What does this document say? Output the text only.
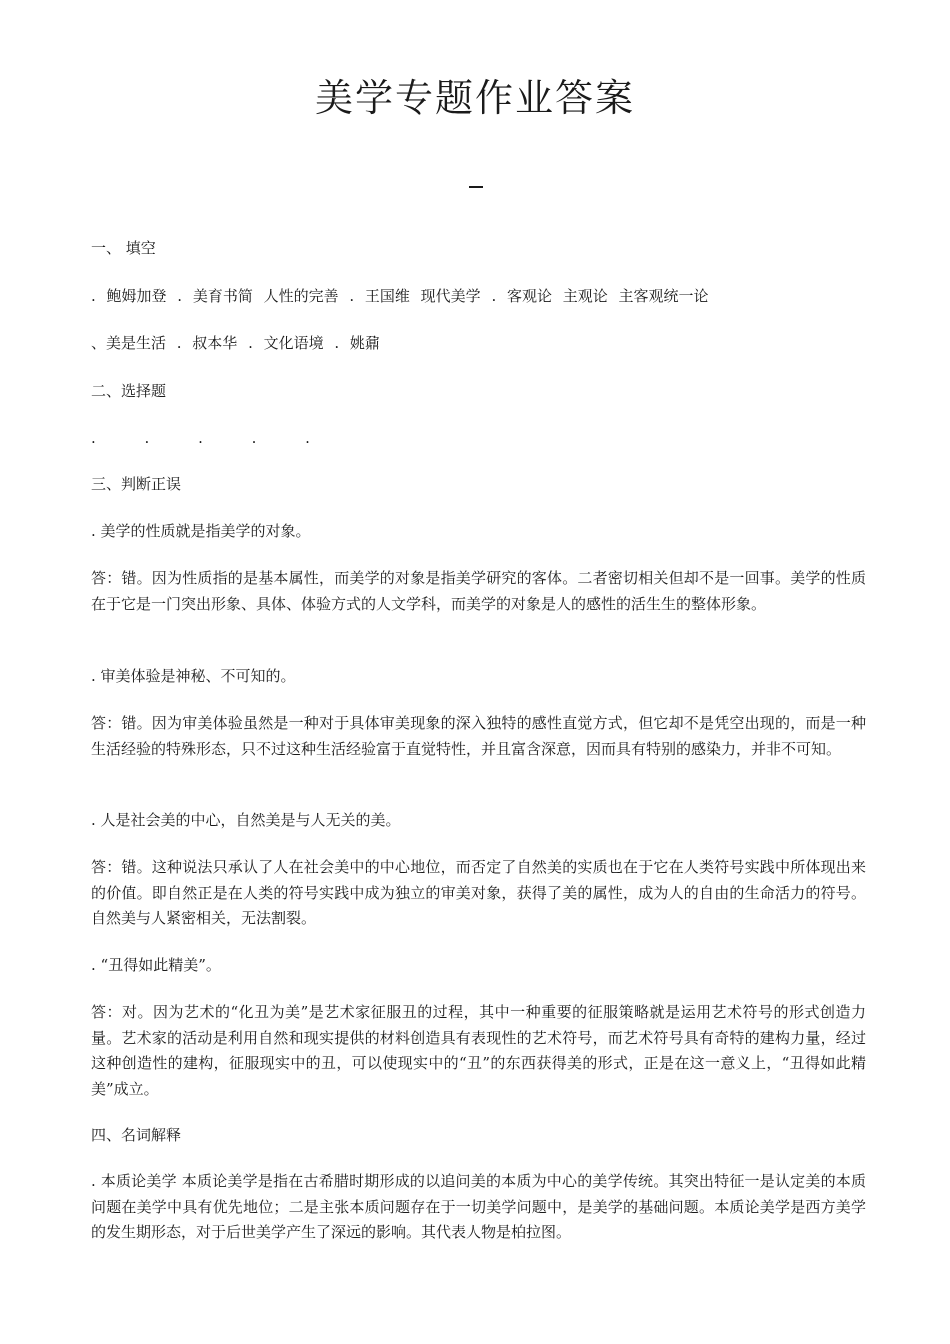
美学专题作业答案
一、 填空
. 鲍姆加登 . 美育书简 人性的完善 . 王国维 现代美学 . 客观论 主观论 主客观统一论
、美是生活 . 叔本华 . 文化语境 . 姚鼐
二、选择题
. . . . .
三、判断正误
. 美学的性质就是指美学的对象。
答：错。因为性质指的是基本属性，而美学的对象是指美学研究的客体。二者密切相关但却不是一回事。美学的性质在于它是一门突出形象、具体、体验方式的人文学科，而美学的对象是人的感性的活生生的整体形象。
. 审美体验是神秘、不可知的。
答：错。因为审美体验虽然是一种对于具体审美现象的深入独特的感性直觉方式，但它却不是凭空出现的，而是一种生活经验的特殊形态，只不过这种生活经验富于直觉特性，并且富含深意，因而具有特别的感染力，并非不可知。
. 人是社会美的中心，自然美是与人无关的美。
答：错。这种说法只承认了人在社会美中的中心地位，而否定了自然美的实质也在于它在人类符号实践中所体现出来的价值。即自然正是在人类的符号实践中成为独立的审美对象，获得了美的属性，成为人的自由的生命活力的符号。自然美与人紧密相关，无法割裂。
. “丑得如此精美”。
答：对。因为艺术的“化丑为美”是艺术家征服丑的过程，其中一种重要的征服策略就是运用艺术符号的形式创造力量。艺术家的活动是利用自然和现实提供的材料创造具有表现性的艺术符号，而艺术符号具有奇特的建构力量，经过这种创造性的建构，征服现实中的丑，可以使现实中的“丑”的东西获得美的形式，正是在这一意义上，“丑得如此精美”成立。
四、名词解释
. 本质论美学 本质论美学是指在古希腊时期形成的以追问美的本质为中心的美学传统。其突出特征一是认定美的本质问题在美学中具有优先地位；二是主张本质问题存在于一切美学问题中，是美学的基础问题。本质论美学是西方美学的发生期形态，对于后世美学产生了深远的影响。其代表人物是柏拉图。
